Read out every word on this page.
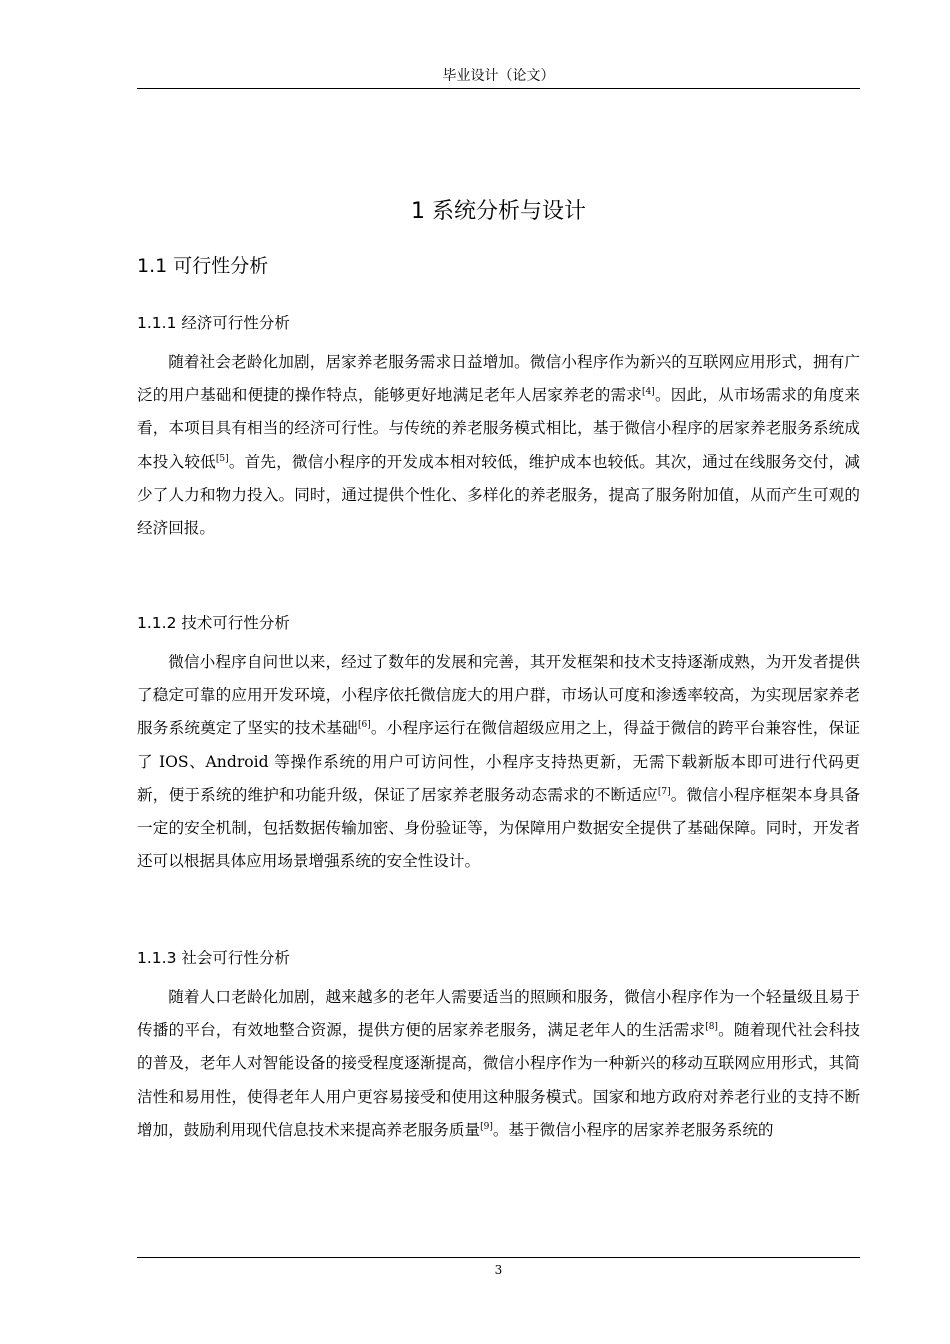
毕业设计（论文）
1 系统分析与设计
1.1 可行性分析
1.1.1 经济可行性分析

随着社会老龄化加剧，居家养老服务需求日益增加。微信小程序作为新兴的互联网应用形式，拥有广泛的用户基础和便捷的操作特点，能够更好地满足老年人居家养老的需求[4]。因此，从市场需求的角度来看，本项目具有相当的经济可行性。与传统的养老服务模式相比，基于微信小程序的居家养老服务系统成本投入较低[5]。首先，微信小程序的开发成本相对较低，维护成本也较低。其次，通过在线服务交付，减少了人力和物力投入。同时，通过提供个性化、多样化的养老服务，提高了服务附加值，从而产生可观的经济回报。

1.1.2 技术可行性分析

微信小程序自问世以来，经过了数年的发展和完善，其开发框架和技术支持逐渐成熟，为开发者提供了稳定可靠的应用开发环境，小程序依托微信庞大的用户群，市场认可度和渗透率较高，为实现居家养老服务系统奠定了坚实的技术基础[6]。小程序运行在微信超级应用之上，得益于微信的跨平台兼容性，保证了 IOS、Android 等操作系统的用户可访问性，小程序支持热更新，无需下载新版本即可进行代码更新，便于系统的维护和功能升级，保证了居家养老服务动态需求的不断适应[7]。微信小程序框架本身具备一定的安全机制，包括数据传输加密、身份验证等，为保障用户数据安全提供了基础保障。同时，开发者还可以根据具体应用场景增强系统的安全性设计。

1.1.3 社会可行性分析

随着人口老龄化加剧，越来越多的老年人需要适当的照顾和服务，微信小程序作为一个轻量级且易于传播的平台，有效地整合资源，提供方便的居家养老服务，满足老年人的生活需求[8]。随着现代社会科技的普及，老年人对智能设备的接受程度逐渐提高，微信小程序作为一种新兴的移动互联网应用形式，其简洁性和易用性，使得老年人用户更容易接受和使用这种服务模式。国家和地方政府对养老行业的支持不断增加，鼓励利用现代信息技术来提高养老服务质量[9]。基于微信小程序的居家养老服务系统的

3
